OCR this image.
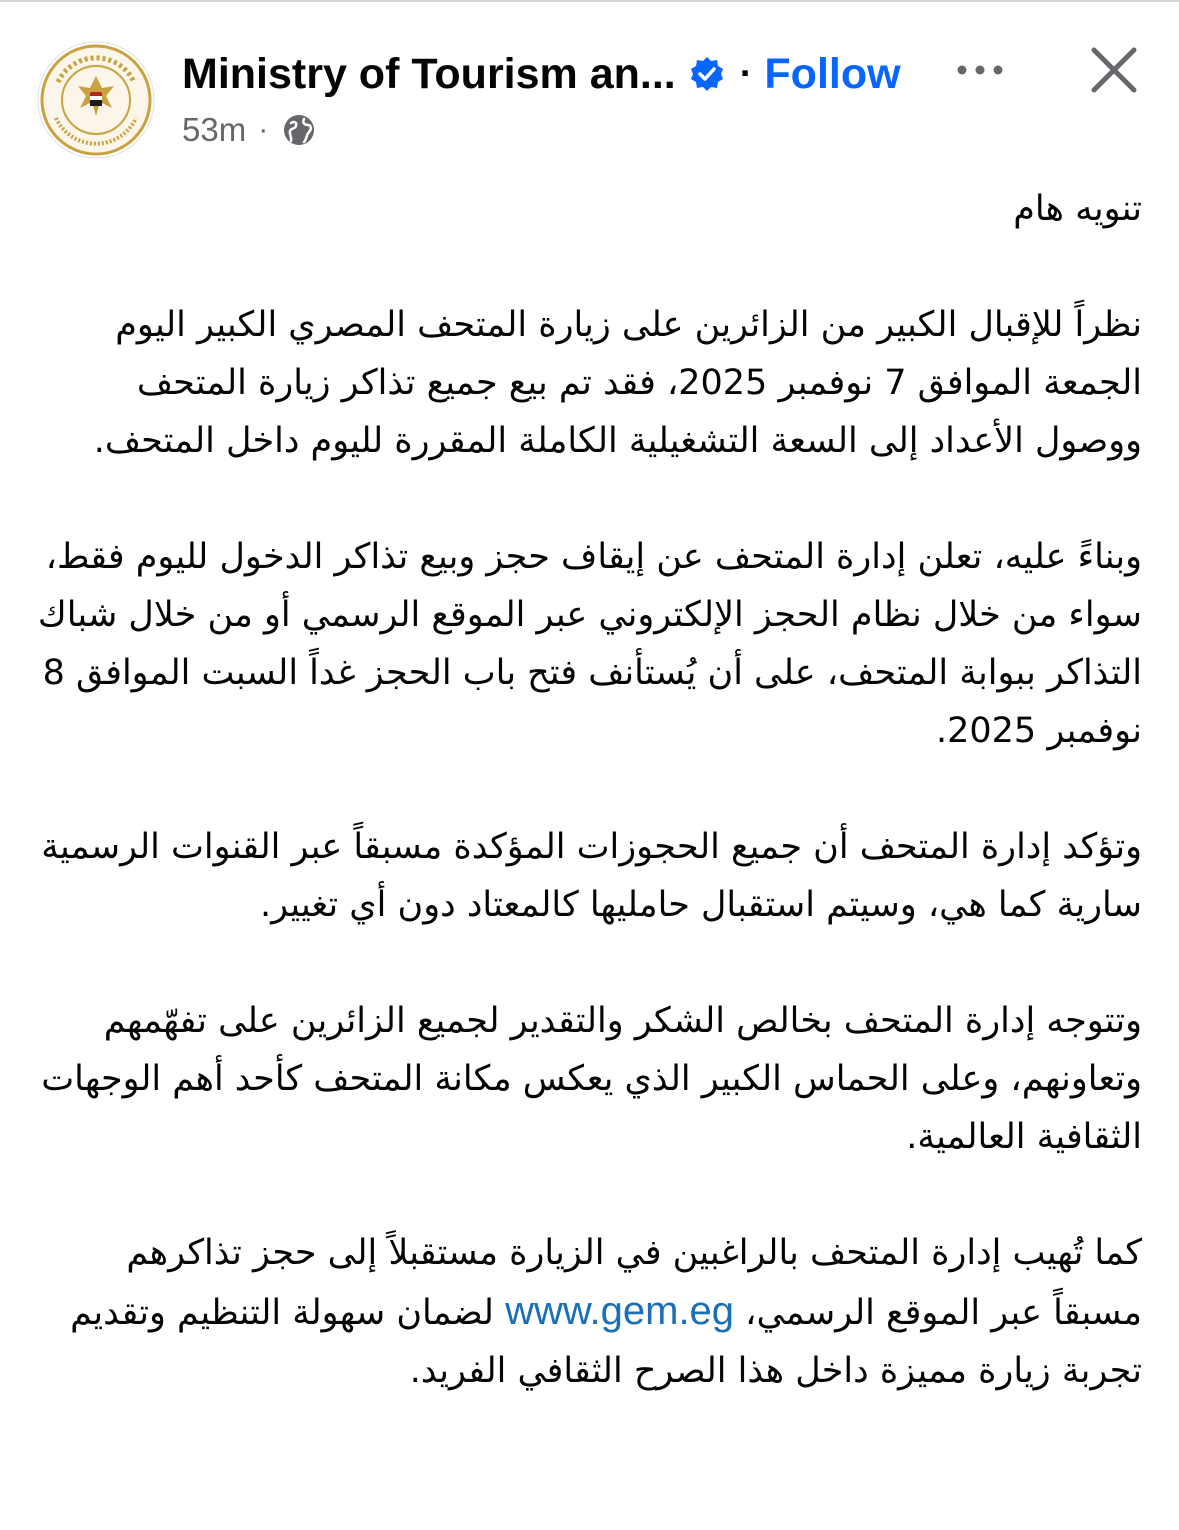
Ministry of Tourism an... · Follow
53m ·

تنويه هام

نظراً للإقبال الكبير من الزائرين على زيارة المتحف المصري الكبير اليوم الجمعة الموافق 7 نوفمبر 2025، فقد تم بيع جميع تذاكر زيارة المتحف ووصول الأعداد إلى السعة التشغيلية الكاملة المقررة لليوم داخل المتحف.

وبناءً عليه، تعلن إدارة المتحف عن إيقاف حجز وبيع تذاكر الدخول لليوم فقط، سواء من خلال نظام الحجز الإلكتروني عبر الموقع الرسمي أو من خلال شباك التذاكر ببوابة المتحف، على أن يُستأنف فتح باب الحجز غداً السبت الموافق 8 نوفمبر 2025.

وتؤكد إدارة المتحف أن جميع الحجوزات المؤكدة مسبقاً عبر القنوات الرسمية سارية كما هي، وسيتم استقبال حامليها كالمعتاد دون أي تغيير.

وتتوجه إدارة المتحف بخالص الشكر والتقدير لجميع الزائرين على تفهّمهم وتعاونهم، وعلى الحماس الكبير الذي يعكس مكانة المتحف كأحد أهم الوجهات الثقافية العالمية.

كما تُهيب إدارة المتحف بالراغبين في الزيارة مستقبلاً إلى حجز تذاكرهم مسبقاً عبر الموقع الرسمي، www.gem.eg لضمان سهولة التنظيم وتقديم تجربة زيارة مميزة داخل هذا الصرح الثقافي الفريد.
